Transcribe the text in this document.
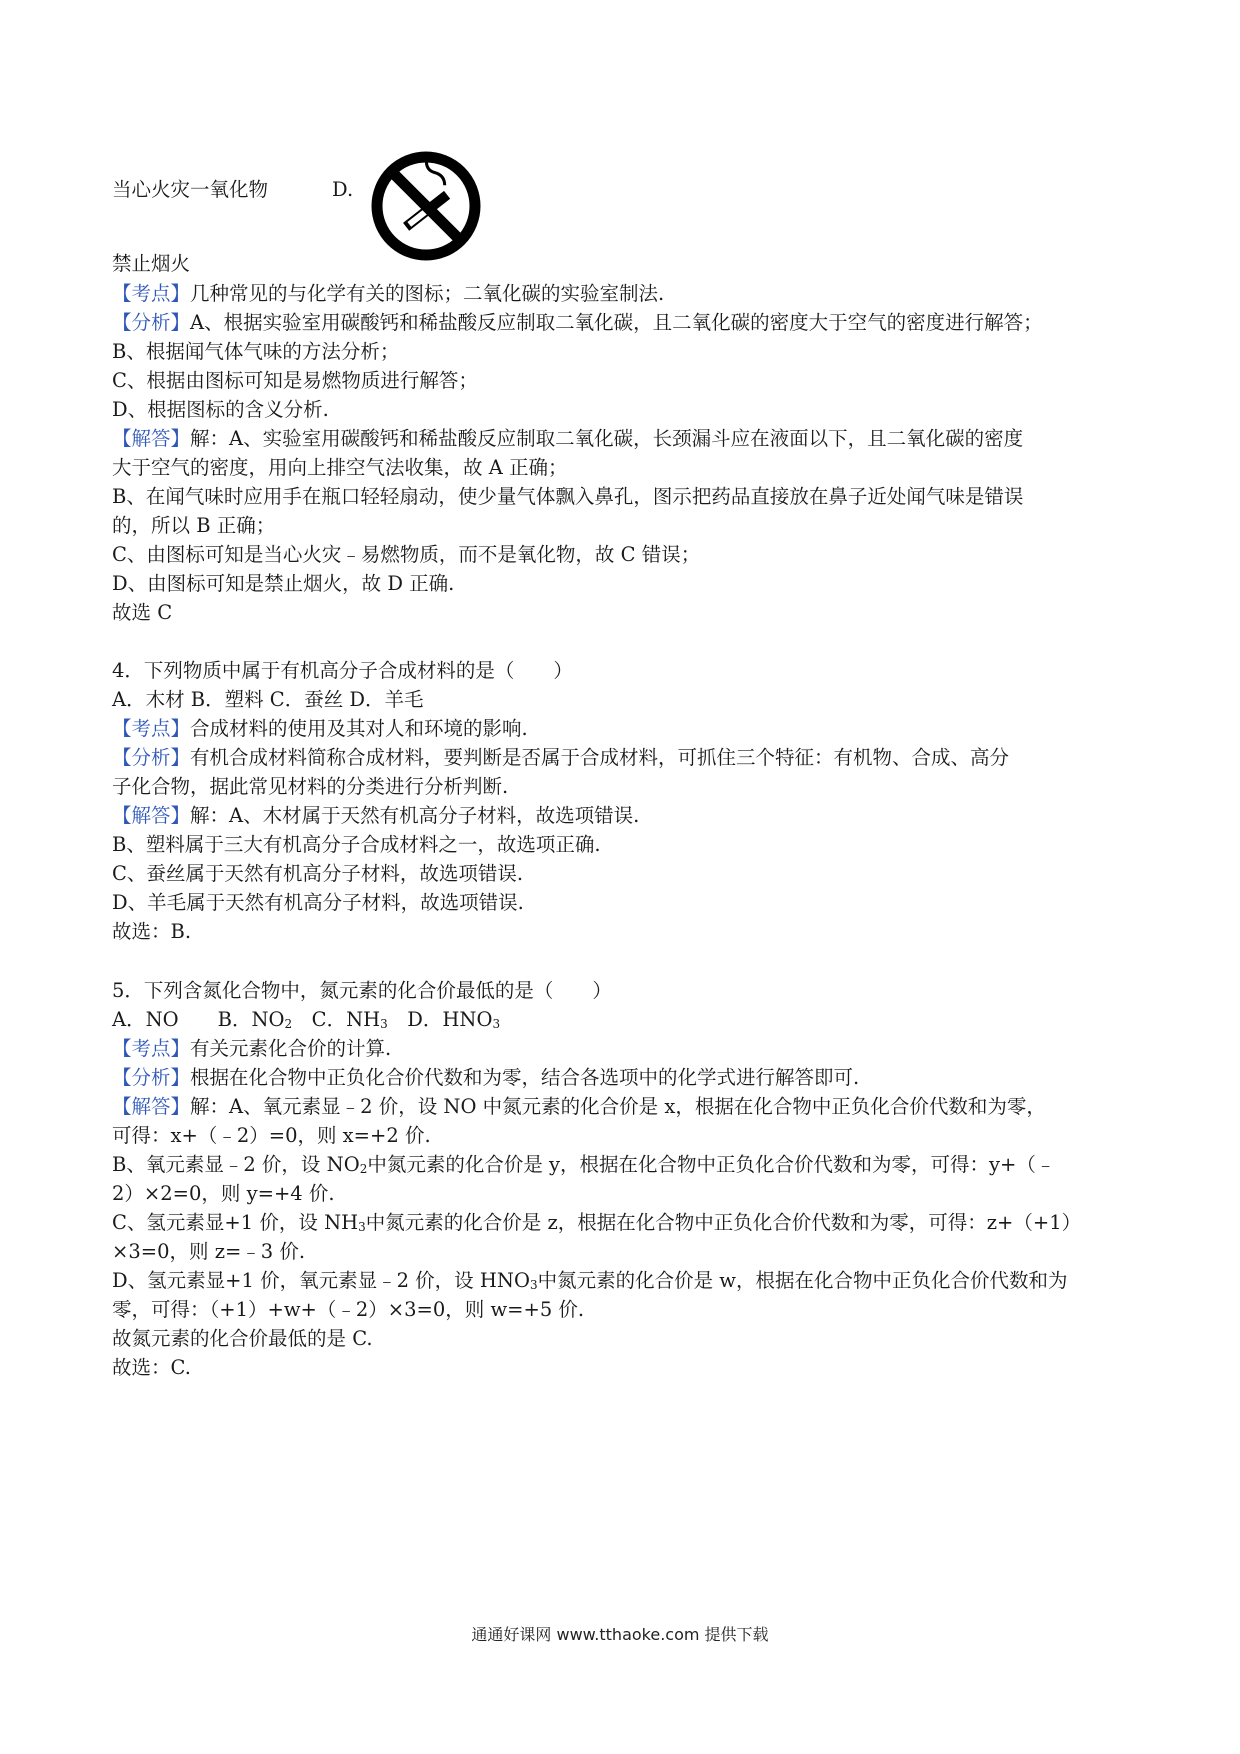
当心火灾一氧化物	D.
禁止烟火
【考点】几种常见的与化学有关的图标；二氧化碳的实验室制法.
【分析】A、根据实验室用碳酸钙和稀盐酸反应制取二氧化碳，且二氧化碳的密度大于空气的密度进行解答；
B、根据闻气体气味的方法分析；
C、根据由图标可知是易燃物质进行解答；
D、根据图标的含义分析.
【解答】解：A、实验室用碳酸钙和稀盐酸反应制取二氧化碳，长颈漏斗应在液面以下，且二氧化碳的密度
大于空气的密度，用向上排空气法收集，故 A 正确；
B、在闻气味时应用手在瓶口轻轻扇动，使少量气体飘入鼻孔，图示把药品直接放在鼻子近处闻气味是错误
的，所以 B 正确；
C、由图标可知是当心火灾﹣易燃物质，而不是氧化物，故 C 错误；
D、由图标可知是禁止烟火，故 D 正确.
故选 C
4．下列物质中属于有机高分子合成材料的是（　　）
A．木材 B．塑料 C．蚕丝 D．羊毛
【考点】合成材料的使用及其对人和环境的影响.
【分析】有机合成材料简称合成材料，要判断是否属于合成材料，可抓住三个特征：有机物、合成、高分
子化合物，据此常见材料的分类进行分析判断.
【解答】解：A、木材属于天然有机高分子材料，故选项错误.
B、塑料属于三大有机高分子合成材料之一，故选项正确.
C、蚕丝属于天然有机高分子材料，故选项错误.
D、羊毛属于天然有机高分子材料，故选项错误.
故选：B.
5．下列含氮化合物中，氮元素的化合价最低的是（　　）
A．NO　　B．$NO_2$　C．$NH_3$　D．$HNO_3$
【考点】有关元素化合价的计算.
【分析】根据在化合物中正负化合价代数和为零，结合各选项中的化学式进行解答即可.
【解答】解：A、氧元素显﹣2 价，设 NO 中氮元素的化合价是 x，根据在化合物中正负化合价代数和为零，
可得：x+（﹣2）=0，则 x=+2 价.
B、氧元素显﹣2 价，设 $NO_2$中氮元素的化合价是 y，根据在化合物中正负化合价代数和为零，可得：y+（﹣
2）×2=0，则 y=+4 价.
C、氢元素显+1 价，设 $NH_3$中氮元素的化合价是 z，根据在化合物中正负化合价代数和为零，可得：z+（+1）
×3=0，则 z=﹣3 价.
D、氢元素显+1 价，氧元素显﹣2 价，设 $HNO_3$中氮元素的化合价是 w，根据在化合物中正负化合价代数和为
零，可得：（+1）+w+（﹣2）×3=0，则 w=+5 价.
故氮元素的化合价最低的是 C.
故选：C.
通通好课网 www.tthaoke.com 提供下载
